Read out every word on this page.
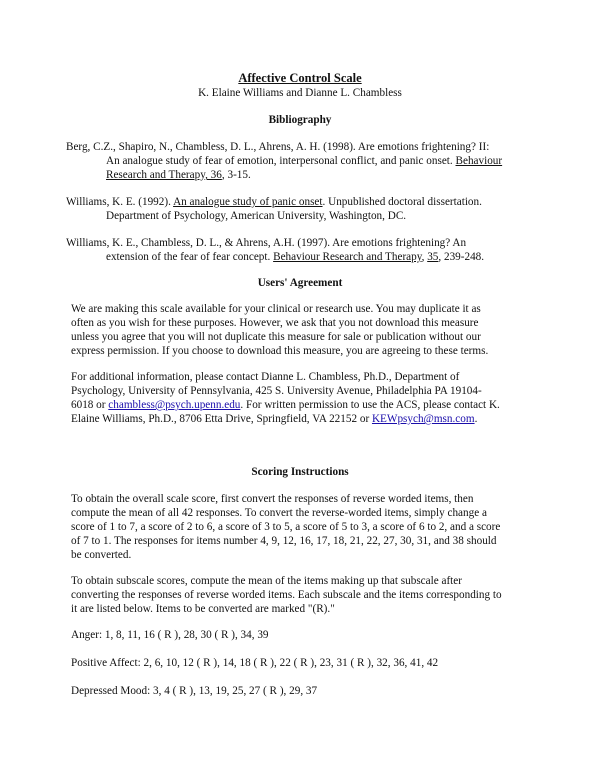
Affective Control Scale
K. Elaine Williams and Dianne L. Chambless
Bibliography
Berg, C.Z., Shapiro, N., Chambless, D. L., Ahrens, A. H. (1998). Are emotions frightening? II:
An analogue study of fear of emotion, interpersonal conflict, and panic onset. Behaviour
Research and Therapy, 36, 3-15.
Williams, K. E. (1992). An analogue study of panic onset. Unpublished doctoral dissertation.
Department of Psychology, American University, Washington, DC.
Williams, K. E., Chambless, D. L., & Ahrens, A.H. (1997). Are emotions frightening? An
extension of the fear of fear concept. Behaviour Research and Therapy, 35, 239-248.
Users' Agreement
We are making this scale available for your clinical or research use. You may duplicate it as
often as you wish for these purposes. However, we ask that you not download this measure
unless you agree that you will not duplicate this measure for sale or publication without our
express permission. If you choose to download this measure, you are agreeing to these terms.
For additional information, please contact Dianne L. Chambless, Ph.D., Department of
Psychology, University of Pennsylvania, 425 S. University Avenue, Philadelphia PA 19104-
6018 or chambless@psych.upenn.edu. For written permission to use the ACS, please contact K.
Elaine Williams, Ph.D., 8706 Etta Drive, Springfield, VA 22152 or KEWpsych@msn.com.
Scoring Instructions
To obtain the overall scale score, first convert the responses of reverse worded items, then
compute the mean of all 42 responses. To convert the reverse-worded items, simply change a
score of 1 to 7, a score of 2 to 6, a score of 3 to 5, a score of 5 to 3, a score of 6 to 2, and a score
of 7 to 1. The responses for items number 4, 9, 12, 16, 17, 18, 21, 22, 27, 30, 31, and 38 should
be converted.
To obtain subscale scores, compute the mean of the items making up that subscale after
converting the responses of reverse worded items. Each subscale and the items corresponding to
it are listed below. Items to be converted are marked "(R)."
Anger: 1, 8, 11, 16 ( R ), 28, 30 ( R ), 34, 39
Positive Affect: 2, 6, 10, 12 ( R ), 14, 18 ( R ), 22 ( R ), 23, 31 ( R ), 32, 36, 41, 42
Depressed Mood: 3, 4 ( R ), 13, 19, 25, 27 ( R ), 29, 37
